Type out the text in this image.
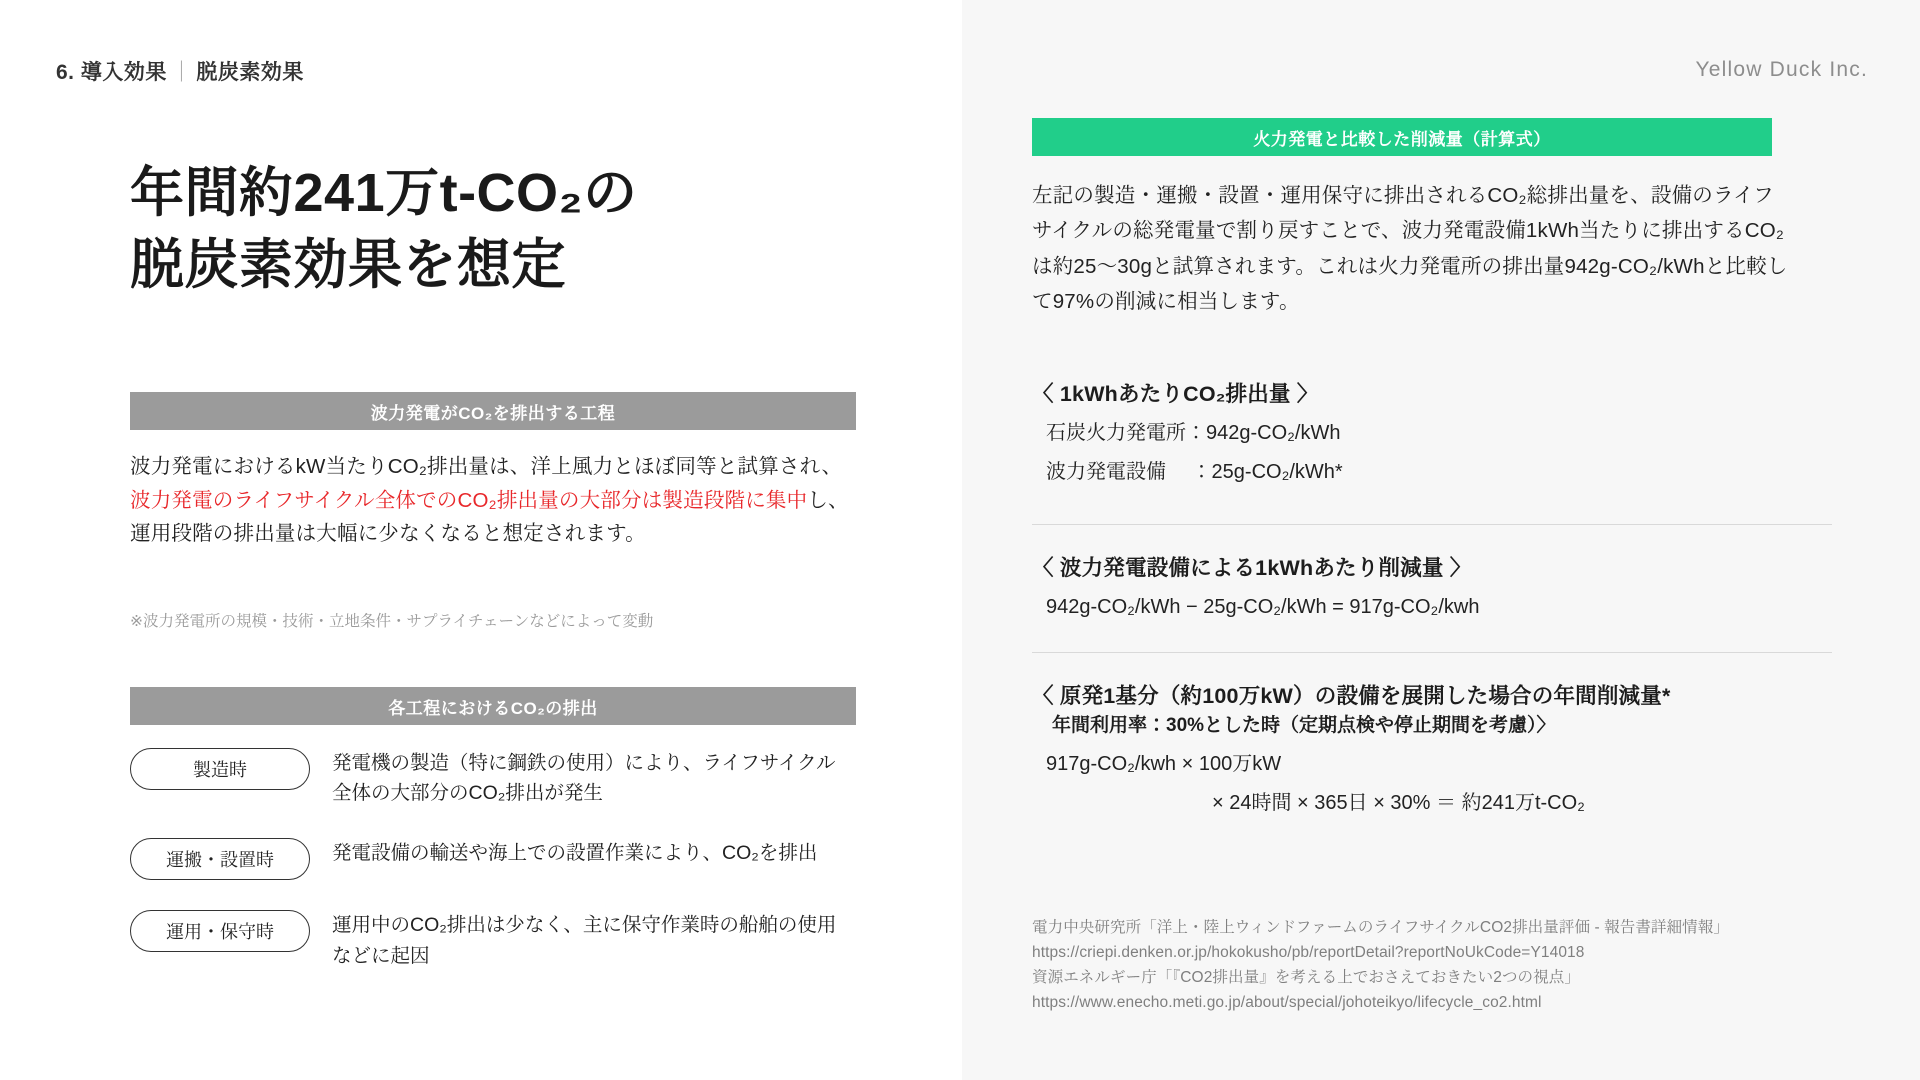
6. 導入効果 ｜ 脱炭素効果
年間約241万t-CO₂の
脱炭素効果を想定
波力発電がCO₂を排出する工程
波力発電におけるkW当たりCO₂排出量は、洋上風力とほぼ同等と試算され、波力発電のライフサイクル全体でのCO₂排出量の大部分は製造段階に集中し、運用段階の排出量は大幅に少なくなると想定されます。
※波力発電所の規模・技術・立地条件・サプライチェーンなどによって変動
各工程におけるCO₂の排出
製造時	発電機の製造（特に鋼鉄の使用）により、ライフサイクル全体の大部分のCO₂排出が発生
運搬・設置時	発電設備の輸送や海上での設置作業により、CO₂を排出
運用・保守時	運用中のCO₂排出は少なく、主に保守作業時の船舶の使用などに起因
Yellow Duck Inc.
火力発電と比較した削減量（計算式）
左記の製造・運搬・設置・運用保守に排出されるCO₂総排出量を、設備のライフサイクルの総発電量で割り戻すことで、波力発電設備1kWh当たりに排出するCO₂は約25〜30gと試算されます。これは火力発電所の排出量942g-CO₂/kWhと比較して97%の削減に相当します。
〈 1kWhあたりCO₂排出量 〉
石炭火力発電所：942g-CO₂/kWh
波力発電設備　 ：25g-CO₂/kWh*
〈 波力発電設備による1kWhあたり削減量 〉
942g-CO₂/kWh − 25g-CO₂/kWh = 917g-CO₂/kwh
〈 原発1基分（約100万kW）の設備を展開した場合の年間削減量*
年間利用率：30%とした時（定期点検や停止期間を考慮）〉
917g-CO₂/kwh × 100万kW
× 24時間 × 365日 × 30% ＝ 約241万t-CO₂
電力中央研究所「洋上・陸上ウィンドファームのライフサイクルCO2排出量評価 - 報告書詳細情報」
https://criepi.denken.or.jp/hokokusho/pb/reportDetail?reportNoUkCode=Y14018
資源エネルギー庁「『CO2排出量』を考える上でおさえておきたい2つの視点」
https://www.enecho.meti.go.jp/about/special/johoteikyo/lifecycle_co2.html
